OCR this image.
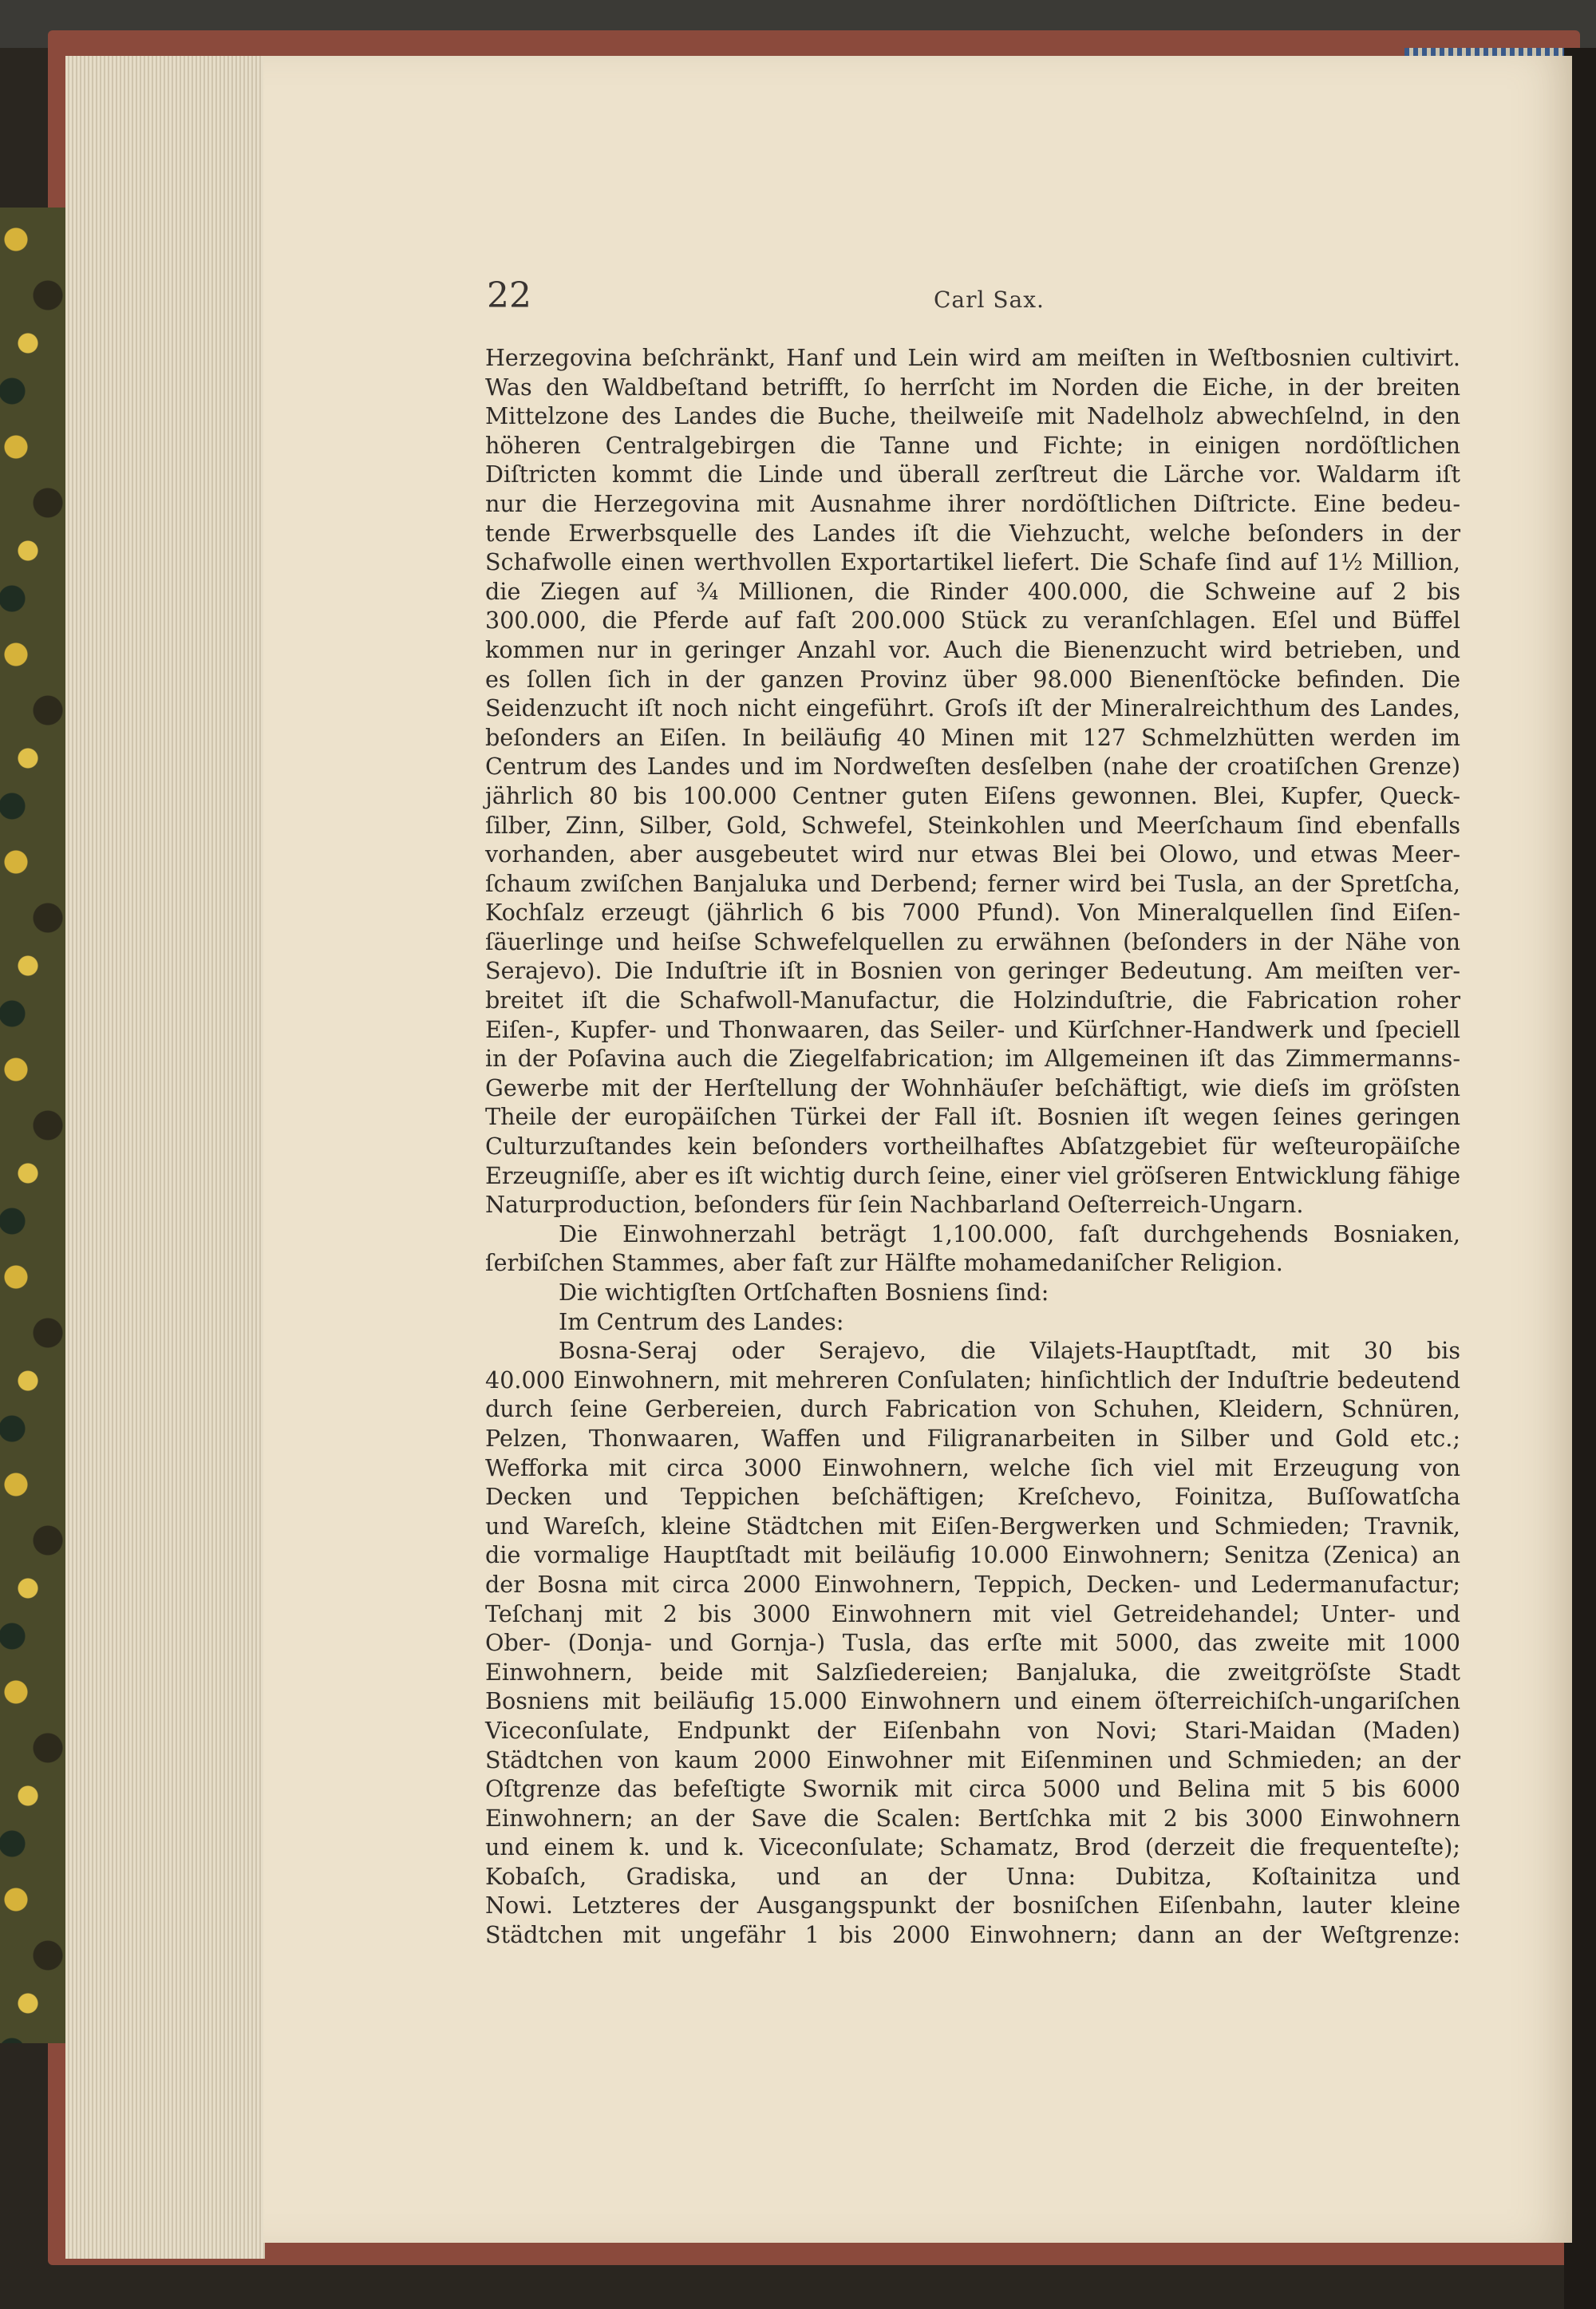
22	Carl Sax.
Herzegovina beſchränkt, Hanf und Lein wird am meiſten in Weſtbosnien cultivirt.
Was den Waldbeſtand betrifft, ſo herrſcht im Norden die Eiche, in der breiten
Mittelzone des Landes die Buche, theilweiſe mit Nadelholz abwechſelnd, in den
höheren Centralgebirgen die Tanne und Fichte; in einigen nordöſtlichen
Diſtricten kommt die Linde und überall zerſtreut die Lärche vor. Waldarm iſt
nur die Herzegovina mit Ausnahme ihrer nordöſtlichen Diſtricte. Eine bedeu-
tende Erwerbsquelle des Landes iſt die Viehzucht, welche beſonders in der
Schafwolle einen werthvollen Exportartikel liefert. Die Schafe ſind auf 1½ Million,
die Ziegen auf ¾ Millionen, die Rinder 400.000, die Schweine auf 2 bis
300.000, die Pferde auf faſt 200.000 Stück zu veranſchlagen. Eſel und Büffel
kommen nur in geringer Anzahl vor. Auch die Bienenzucht wird betrieben, und
es ſollen ſich in der ganzen Provinz über 98.000 Bienenſtöcke befinden. Die
Seidenzucht iſt noch nicht eingeführt. Groſs iſt der Mineralreichthum des Landes,
beſonders an Eiſen. In beiläufig 40 Minen mit 127 Schmelzhütten werden im
Centrum des Landes und im Nordweſten desſelben (nahe der croatiſchen Grenze)
jährlich 80 bis 100.000 Centner guten Eiſens gewonnen. Blei, Kupfer, Queck-
ſilber, Zinn, Silber, Gold, Schwefel, Steinkohlen und Meerſchaum ſind ebenfalls
vorhanden, aber ausgebeutet wird nur etwas Blei bei Olowo, und etwas Meer-
ſchaum zwiſchen Banjaluka und Derbend; ferner wird bei Tusla, an der Spretſcha,
Kochſalz erzeugt (jährlich 6 bis 7000 Pfund). Von Mineralquellen ſind Eiſen-
ſäuerlinge und heiſse Schwefelquellen zu erwähnen (beſonders in der Nähe von
Serajevo). Die Induſtrie iſt in Bosnien von geringer Bedeutung. Am meiſten ver-
breitet iſt die Schafwoll-Manufactur, die Holzinduſtrie, die Fabrication roher
Eiſen-, Kupfer- und Thonwaaren, das Seiler- und Kürſchner-Handwerk und ſpeciell
in der Poſavina auch die Ziegelfabrication; im Allgemeinen iſt das Zimmermanns-
Gewerbe mit der Herſtellung der Wohnhäuſer beſchäftigt, wie dieſs im gröſsten
Theile der europäiſchen Türkei der Fall iſt. Bosnien iſt wegen ſeines geringen
Culturzuſtandes kein beſonders vortheilhaftes Abſatzgebiet für weſteuropäiſche
Erzeugniſſe, aber es iſt wichtig durch ſeine, einer viel gröſseren Entwicklung fähige
Naturproduction, beſonders für ſein Nachbarland Oeſterreich-Ungarn.
Die Einwohnerzahl beträgt 1,100.000, faſt durchgehends Bosniaken,
ſerbiſchen Stammes, aber faſt zur Hälfte mohamedaniſcher Religion.
Die wichtigſten Ortſchaften Bosniens ſind:
Im Centrum des Landes:
Bosna-Seraj oder Serajevo, die Vilajets-Hauptſtadt, mit 30 bis
40.000 Einwohnern, mit mehreren Conſulaten; hinſichtlich der Induſtrie bedeutend
durch ſeine Gerbereien, durch Fabrication von Schuhen, Kleidern, Schnüren,
Pelzen, Thonwaaren, Waffen und Filigranarbeiten in Silber und Gold etc.;
Wefforka mit circa 3000 Einwohnern, welche ſich viel mit Erzeugung von
Decken und Teppichen beſchäftigen; Kreſchevo, Foinitza, Buſſowatſcha
und Wareſch, kleine Städtchen mit Eiſen-Bergwerken und Schmieden; Travnik,
die vormalige Hauptſtadt mit beiläufig 10.000 Einwohnern; Senitza (Zenica) an
der Bosna mit circa 2000 Einwohnern, Teppich, Decken- und Ledermanufactur;
Teſchanj mit 2 bis 3000 Einwohnern mit viel Getreidehandel; Unter- und
Ober- (Donja- und Gornja-) Tusla, das erſte mit 5000, das zweite mit 1000
Einwohnern, beide mit Salzſiedereien; Banjaluka, die zweitgröſste Stadt
Bosniens mit beiläufig 15.000 Einwohnern und einem öſterreichiſch-ungariſchen
Viceconſulate, Endpunkt der Eiſenbahn von Novi; Stari-Maidan (Maden)
Städtchen von kaum 2000 Einwohner mit Eiſenminen und Schmieden; an der
Oſtgrenze das befeſtigte Swornik mit circa 5000 und Belina mit 5 bis 6000
Einwohnern; an der Save die Scalen: Bertſchka mit 2 bis 3000 Einwohnern
und einem k. und k. Viceconſulate; Schamatz, Brod (derzeit die frequenteſte);
Kobaſch, Gradiska, und an der Unna: Dubitza, Koſtainitza und
Nowi. Letzteres der Ausgangspunkt der bosniſchen Eiſenbahn, lauter kleine
Städtchen mit ungefähr 1 bis 2000 Einwohnern; dann an der Weſtgrenze:
